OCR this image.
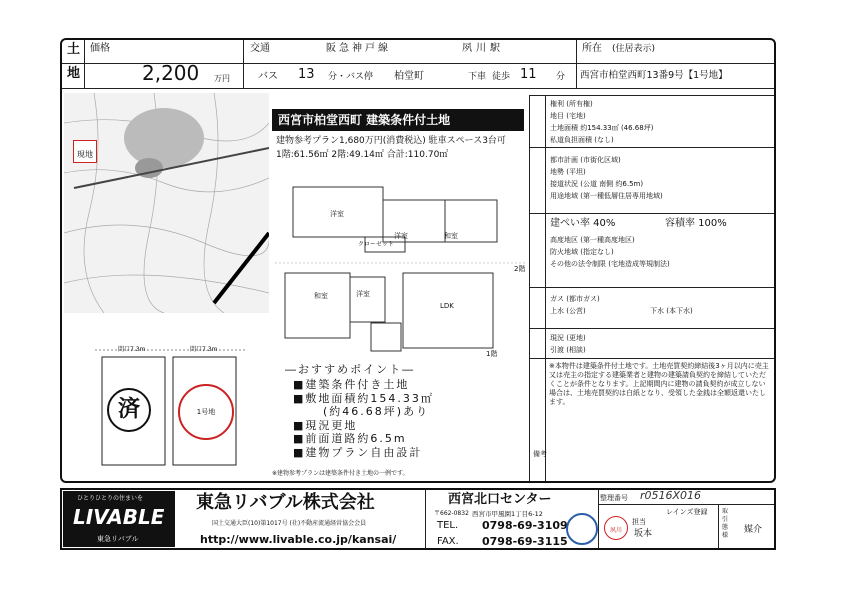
土
地
価格
2,200 万円
交通	阪急神戸線	夙川駅
バス 13 分・バス停 柏堂町	下車 徒歩 11 分
所在 (住居表示)
西宮市柏堂西町13番9号【1号地】
現地
間口7.3m	間口7.3m
済	1号地
西宮市柏堂西町 建築条件付土地
建物参考プラン1,680万円(消費税込) 駐車スペース3台可
1階:61.56㎡ 2階:49.14㎡ 合計:110.70㎡
洋室
洋室	和室
クローゼット
和室	洋室
LDK
2階
1階
―おすすめポイント―
■建築条件付き土地
■敷地面積約154.33㎡
(約46.68坪)あり
■現況更地
■前面道路約6.5m
■建物プラン自由設計
※建物参考プランは建築条件付き土地の一例です。
権利 (所有権)
地目 (宅地)
土地面積 約154.33㎡ (46.68坪)
私道負担面積 (なし)
都市計画 (市街化区域)
地勢 (平坦)
接道状況 (公道 南側 約6.5m)
用途地域 (第一種低層住居専用地域)
建ぺい率 40%	容積率 100%
高度地区 (第一種高度地区)
防火地域 (指定なし)
その他の法令制限 (宅地造成等規制法)
ガス (都市ガス)
上水 (公営)	下水 (本下水)
現況 (更地)
引渡 (相談)
備考
※本物件は建築条件付土地です。土地売買契約締結後3ヶ月以内に売主又は売主の指定する建築業者と建物の建築請負契約を締結していただくことが条件となります。上記期間内に建物の請負契約が成立しない場合は、土地売買契約は白紙となり、受領した金銭は全額返還いたします。
ひとりひとりの住まいを
LIVABLE
東急リバブル
東急リバブル株式会社
国土交通大臣(10)第1017号 (社)不動産流通経営協会会員
http://www.livable.co.jp/kansai/
西宮北口センター
〒662-0832 西宮市甲風園1丁目6-12
TEL. 0798-69-3109
FAX. 0798-69-3115
整理番号 r0516X016
レインズ登録
夙川
担当
坂本
取引態様
媒介
